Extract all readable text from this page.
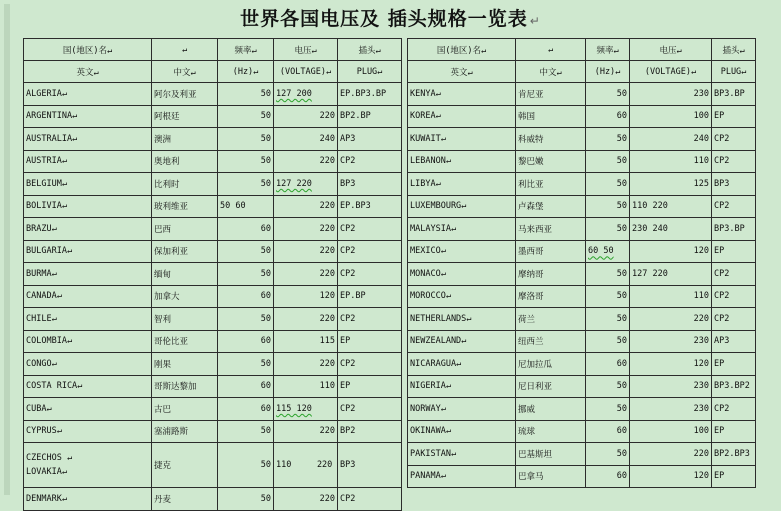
世界各国电压及 插头规格一览表 ↵
国(地区)名↵	↵	频率↵	电压↵	插头↵
英文↵	中文↵	(Hz)↵	(VOLTAGE)↵	PLUG↵
ALGERIA↵	阿尔及利亚	50	127 200	EP.BP3.BP
ARGENTINA↵	阿根廷	50	220	BP2.BP
AUSTRALIA↵	澳洲	50	240	AP3
AUSTRIA↵	奥地利	50	220	CP2
BELGIUM↵	比利时	50	127 220	BP3
BOLIVIA↵	玻利维亚	50 60	220	EP.BP3
BRAZU↵	巴西	60	220	CP2
BULGARIA↵	保加利亚	50	220	CP2
BURMA↵	缅甸	50	220	CP2
CANADA↵	加拿大	60	120	EP.BP
CHILE↵	智利	50	220	CP2
COLOMBIA↵	哥伦比亚	60	115	EP
CONGO↵	刚果	50	220	CP2
COSTA RICA↵	哥斯达黎加	60	110	EP
CUBA↵	古巴	60	115 120	CP2
CYPRUS↵	塞浦路斯	50	220	BP2

CZECHOS ↵
LOVAKIA↵	捷克	50	110     220	BP3
DENMARK↵	丹麦	50	220	CP2
国(地区)名↵	↵	频率↵	电压↵	插头↵
英文↵	中文↵	(Hz)↵	(VOLTAGE)↵	PLUG↵
KENYA↵	肯尼亚	50	230	BP3.BP
KOREA↵	韩国	60	100	EP
KUWAIT↵	科威特	50	240	CP2
LEBANON↵	黎巴嫩	50	110	CP2
LIBYA↵	利比亚	50	125	BP3
LUXEMBOURG↵	卢森堡	50	110 220	CP2
MALAYSIA↵	马来西亚	50	230 240	BP3.BP
MEXICO↵	墨西哥	60 50	120	EP
MONACO↵	摩纳哥	50	127 220	CP2
MOROCCO↵	摩洛哥	50	110	CP2
NETHERLANDS↵	荷兰	50	220	CP2
NEWZEALAND↵	纽西兰	50	230	AP3
NICARAGUA↵	尼加拉瓜	60	120	EP
NIGERIA↵	尼日利亚	50	230	BP3.BP2
NORWAY↵	挪威	50	230	CP2
OKINAWA↵	琉球	60	100	EP
PAKISTAN↵	巴基斯坦	50	220	BP2.BP3
PANAMA↵	巴拿马	60	120	EP
